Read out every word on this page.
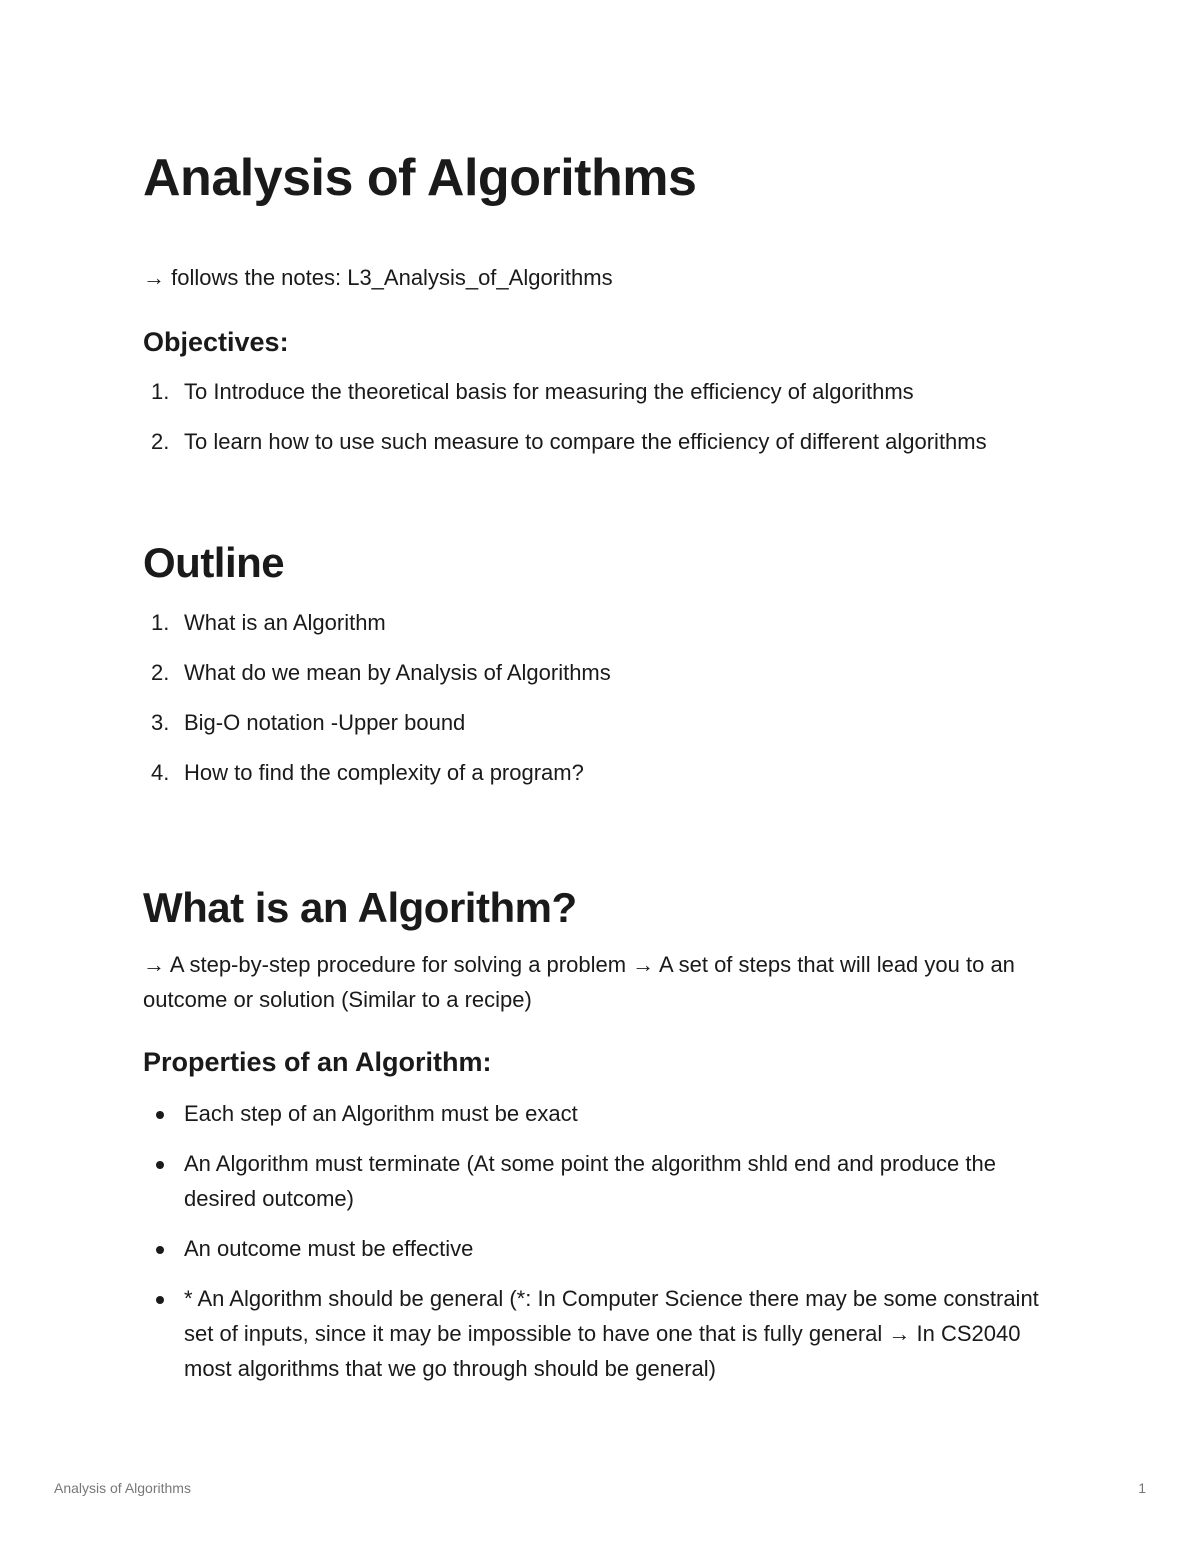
Analysis of Algorithms

→ follows the notes: L3_Analysis_of_Algorithms

Objectives:
1. To Introduce the theoretical basis for measuring the efficiency of algorithms
2. To learn how to use such measure to compare the efficiency of different algorithms
Outline
1. What is an Algorithm
2. What do we mean by Analysis of Algorithms
3. Big-O notation -Upper bound
4. How to find the complexity of a program?
What is an Algorithm?

→ A step-by-step procedure for solving a problem → A set of steps that will lead you to an outcome or solution (Similar to a recipe)

Properties of an Algorithm:
Each step of an Algorithm must be exact
An Algorithm must terminate (At some point the algorithm shld end and produce the desired outcome)
An outcome must be effective
* An Algorithm should be general (*: In Computer Science there may be some constraint set of inputs, since it may be impossible to have one that is fully general → In CS2040 most algorithms that we go through should be general)
Analysis of Algorithms	1
